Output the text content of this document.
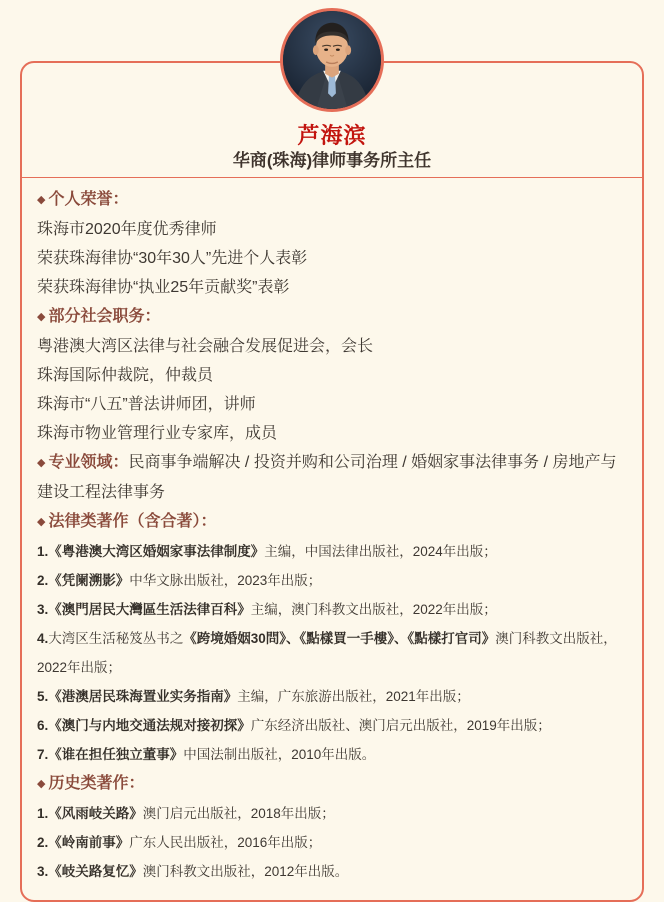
芦海滨
华商(珠海)律师事务所主任

◆ 个人荣誉：

珠海市2020年度优秀律师

荣获珠海律协“30年30人”先进个人表彰

荣获珠海律协“执业25年贡献奖”表彰

◆ 部分社会职务：

粤港澳大湾区法律与社会融合发展促进会，会长

珠海国际仲裁院，仲裁员

珠海市“八五”普法讲师团，讲师

珠海市物业管理行业专家库，成员

◆ 专业领域：民商事争端解决 / 投资并购和公司治理 / 婚姻家事法律事务 / 房地产与建设工程法律事务

◆ 法律类著作（含合著）：

1.《粤港澳大湾区婚姻家事法律制度》主编，中国法律出版社，2024年出版；

2.《凭阑溯影》中华文脉出版社，2023年出版；

3.《澳門居民大灣區生活法律百科》主编，澳门科教文出版社，2022年出版；

4.大湾区生活秘笈丛书之《跨境婚姻30問》、《點樣買一手樓》、《點樣打官司》澳门科教文出版社，2022年出版；

5.《港澳居民珠海置业实务指南》主编，广东旅游出版社，2021年出版；

6.《澳门与内地交通法规对接初探》广东经济出版社、澳门启元出版社，2019年出版；

7.《谁在担任独立董事》中国法制出版社，2010年出版。

◆ 历史类著作：

1.《风雨岐关路》澳门启元出版社，2018年出版；

2.《岭南前事》广东人民出版社，2016年出版；

3.《岐关路复忆》澳门科教文出版社，2012年出版。
